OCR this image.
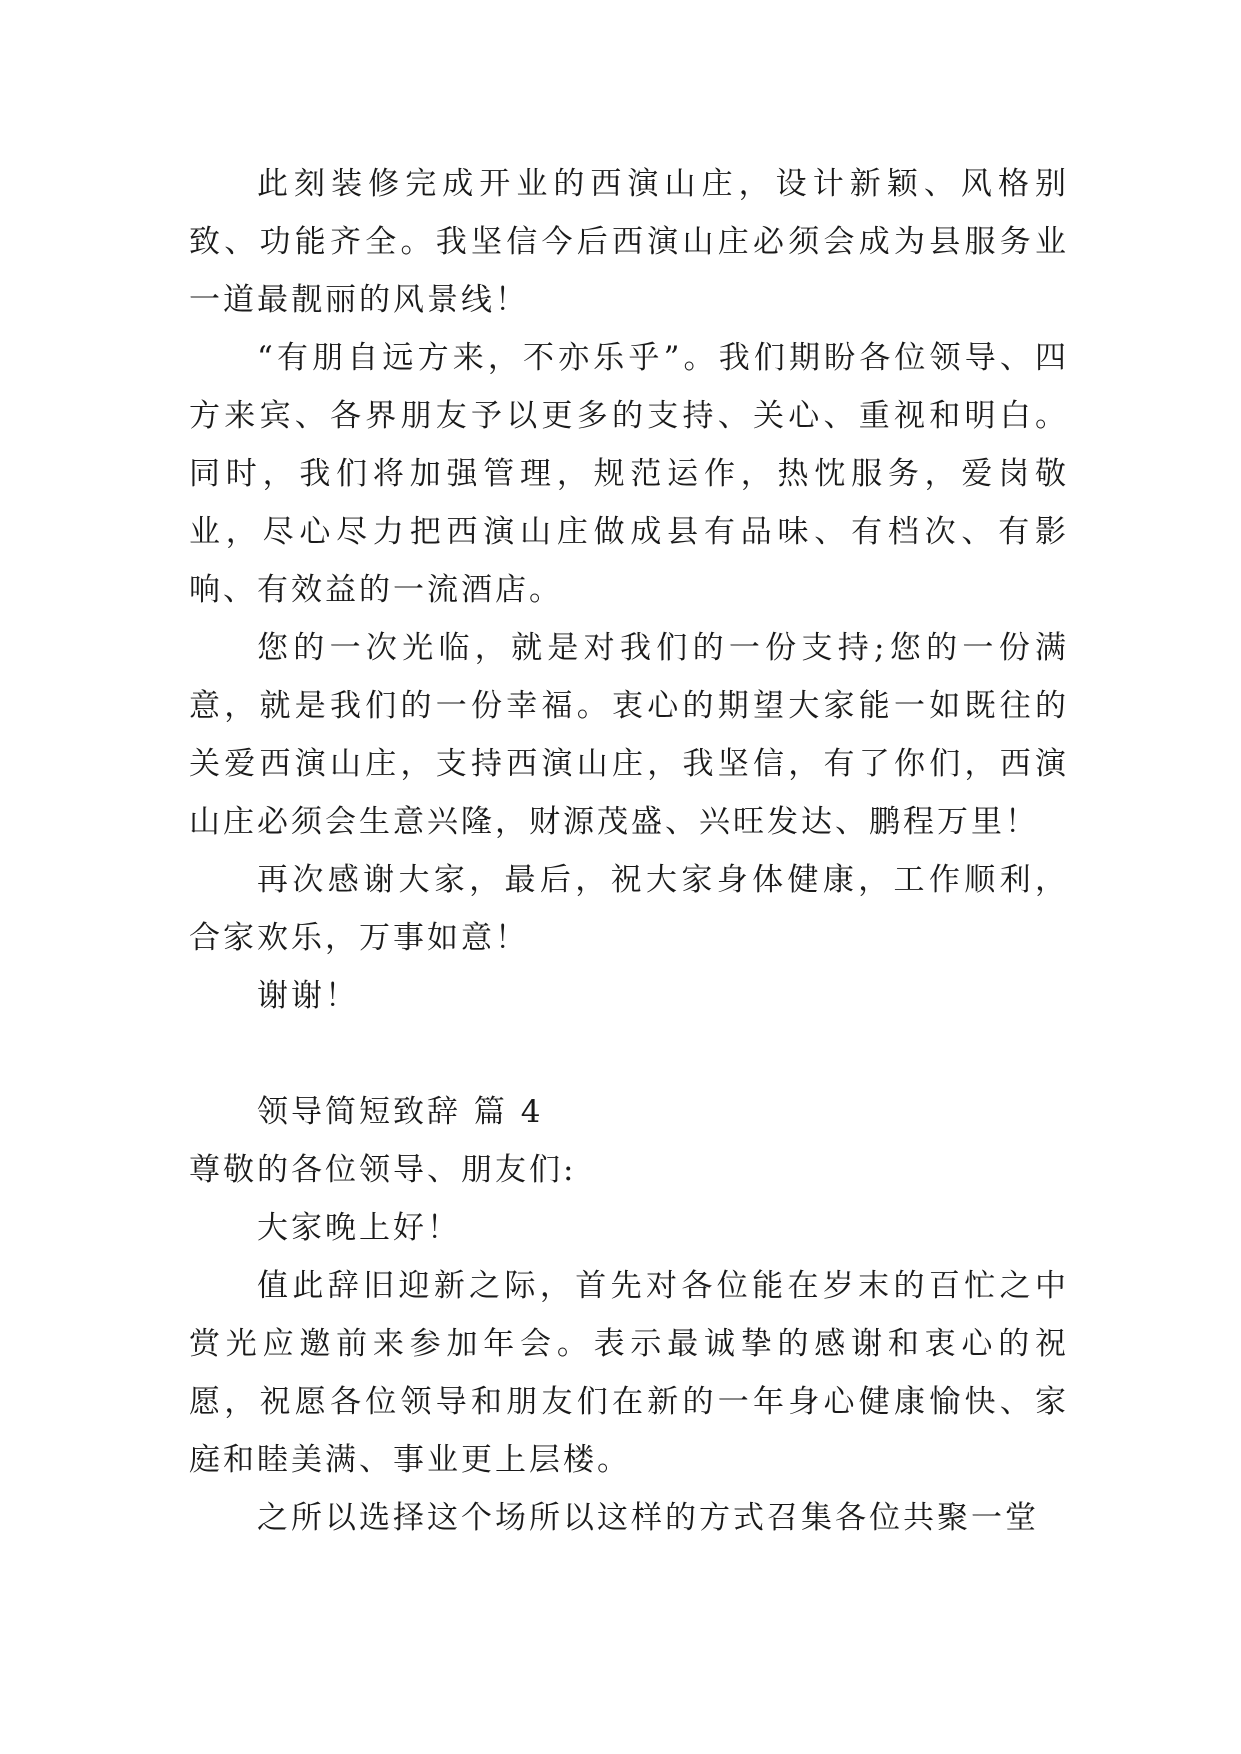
此刻装修完成开业的西演山庄，设计新颖、风格别致、功能齐全。我坚信今后西演山庄必须会成为县服务业一道最靓丽的风景线！

“有朋自远方来，不亦乐乎”。我们期盼各位领导、四方来宾、各界朋友予以更多的支持、关心、重视和明白。同时，我们将加强管理，规范运作，热忱服务，爱岗敬业，尽心尽力把西演山庄做成县有品味、有档次、有影响、有效益的一流酒店。

您的一次光临，就是对我们的一份支持;您的一份满意，就是我们的一份幸福。衷心的期望大家能一如既往的关爱西演山庄，支持西演山庄，我坚信，有了你们，西演山庄必须会生意兴隆，财源茂盛、兴旺发达、鹏程万里！

再次感谢大家，最后，祝大家身体健康，工作顺利，合家欢乐，万事如意！

谢谢！

领导简短致辞 篇 4

尊敬的各位领导、朋友们:

大家晚上好！

值此辞旧迎新之际，首先对各位能在岁末的百忙之中赏光应邀前来参加年会。表示最诚挚的感谢和衷心的祝愿，祝愿各位领导和朋友们在新的一年身心健康愉快、家庭和睦美满、事业更上层楼。

之所以选择这个场所以这样的方式召集各位共聚一堂
